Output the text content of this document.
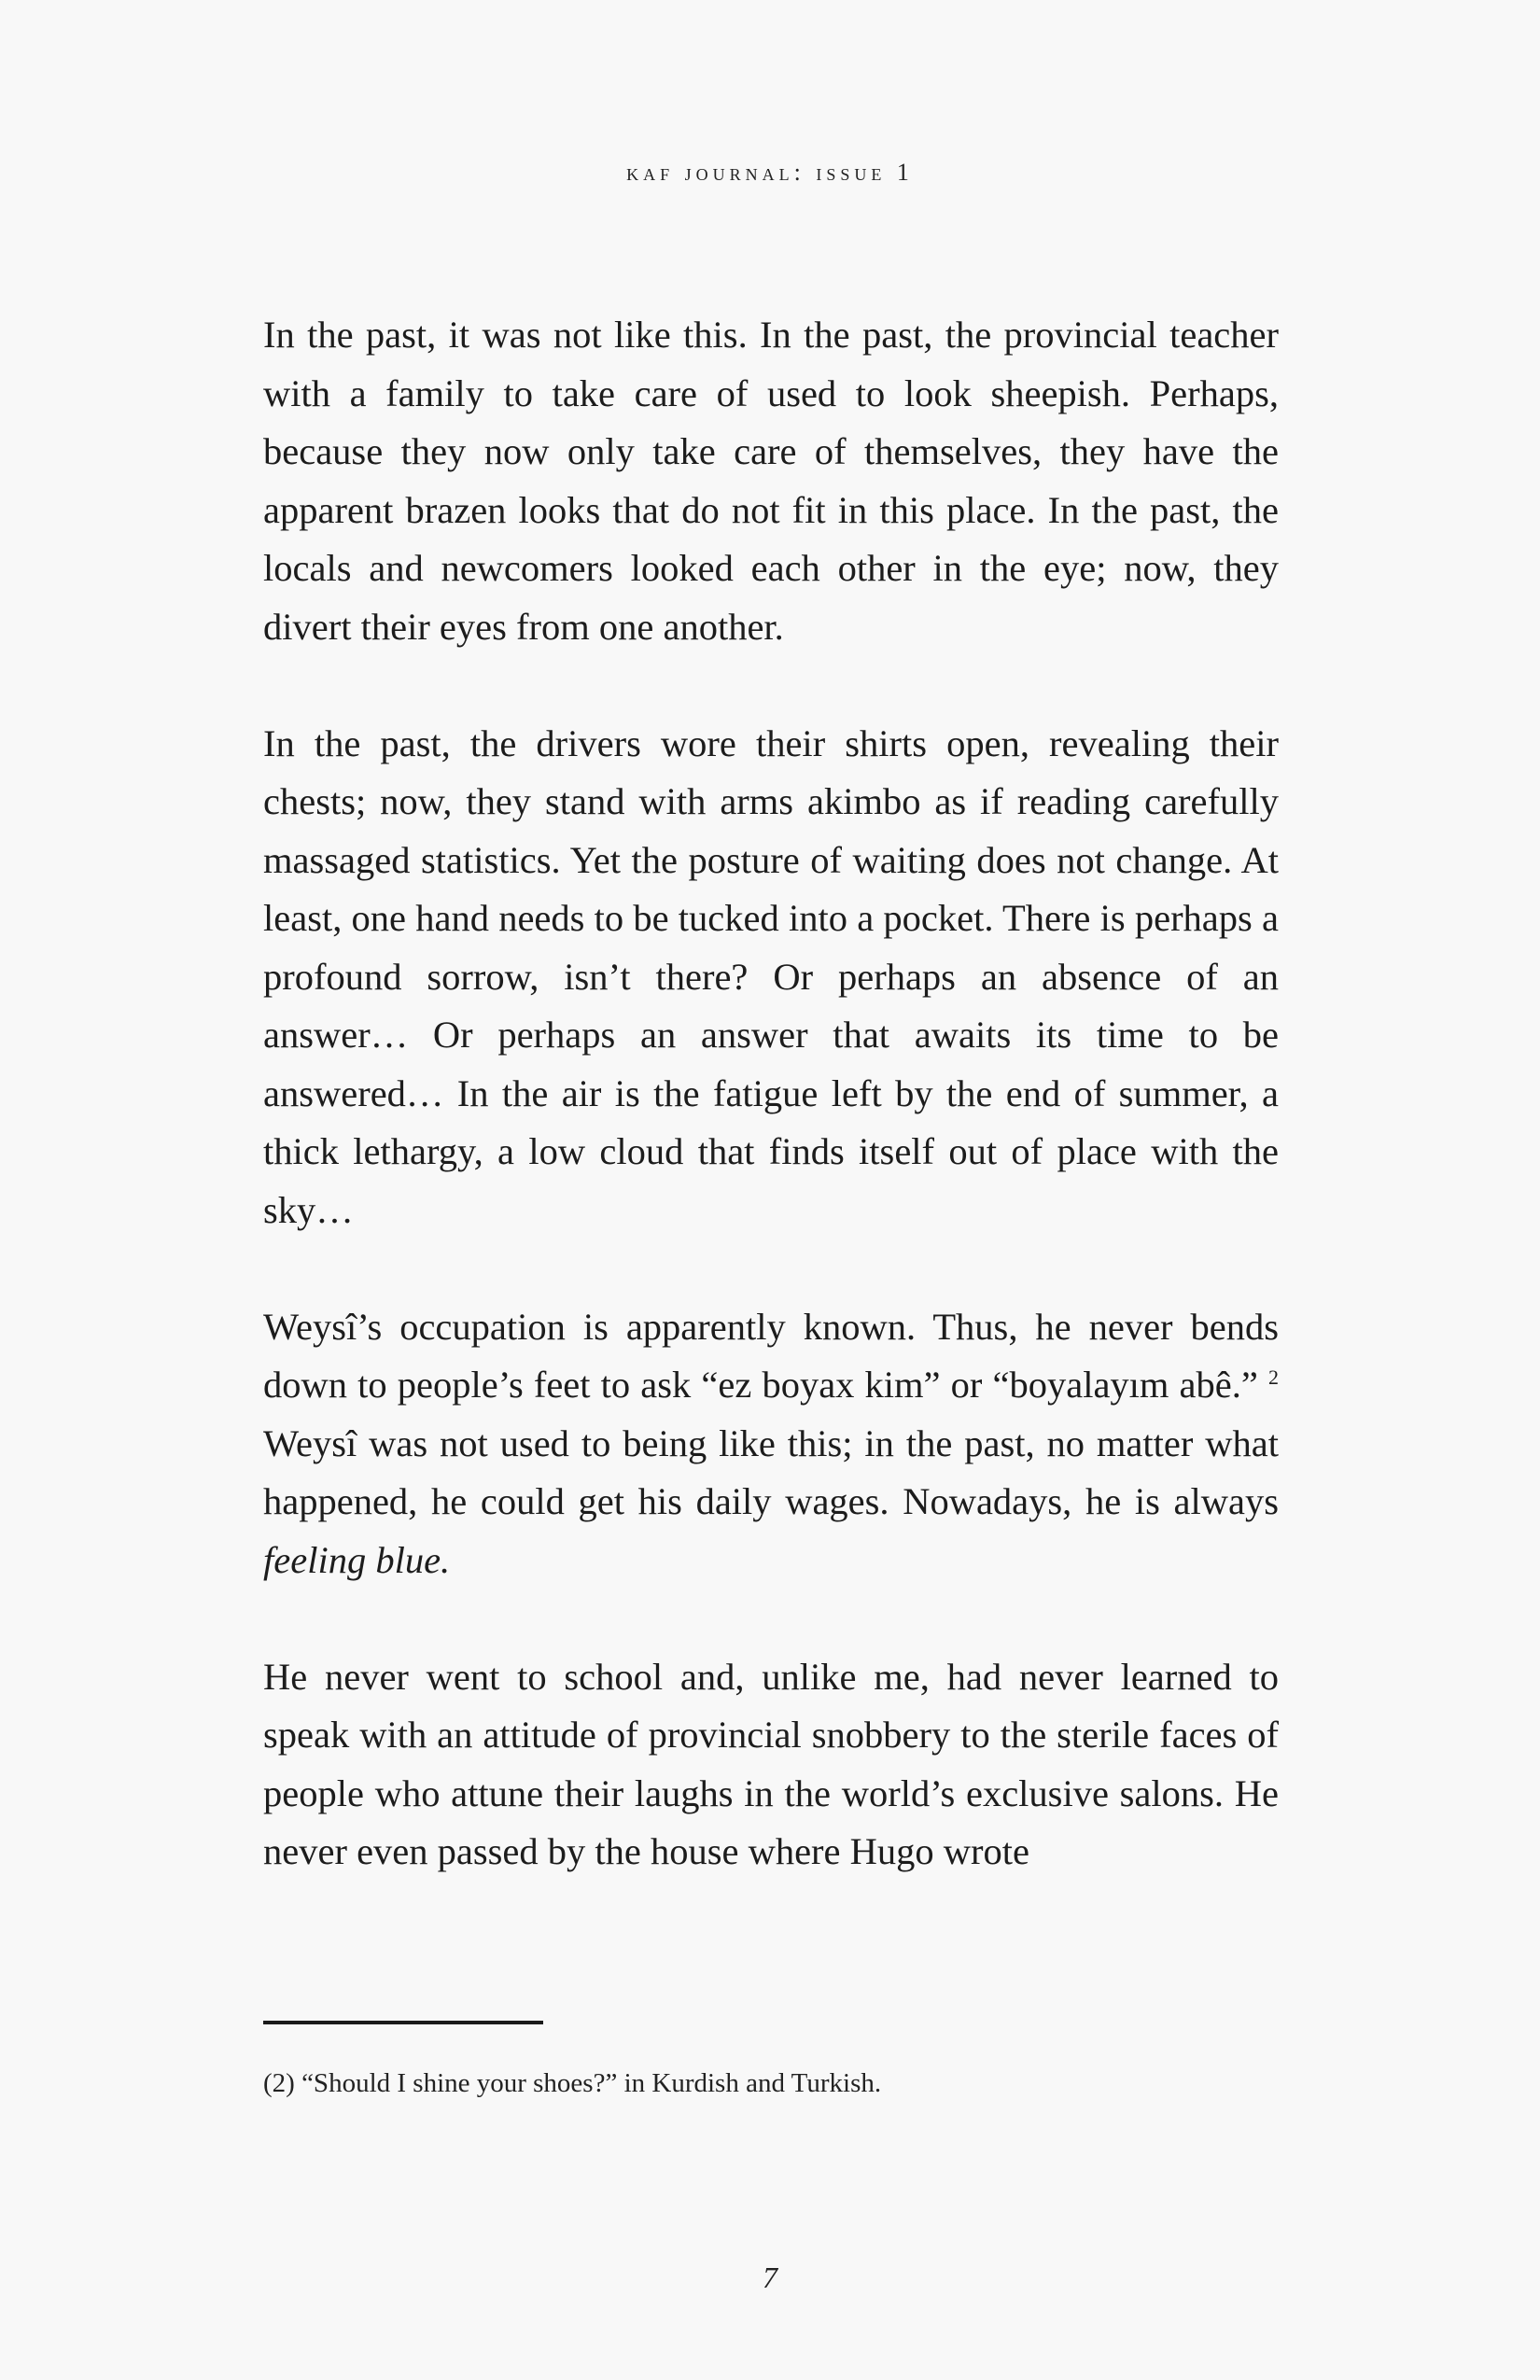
kaf journal: issue 1

In the past, it was not like this. In the past, the provincial teacher with a family to take care of used to look sheepish. Perhaps, because they now only take care of themselves, they have the apparent brazen looks that do not fit in this place. In the past, the locals and newcomers looked each other in the eye; now, they divert their eyes from one another.

In the past, the drivers wore their shirts open, revealing their chests; now, they stand with arms akimbo as if reading carefully massaged statistics. Yet the posture of waiting does not change. At least, one hand needs to be tucked into a pocket. There is perhaps a profound sorrow, isn’t there? Or perhaps an absence of an answer… Or perhaps an answer that awaits its time to be answered… In the air is the fatigue left by the end of summer, a thick lethargy, a low cloud that finds itself out of place with the sky…

Weysî’s occupation is apparently known. Thus, he never bends down to people’s feet to ask “ez boyax kim” or “boyalayım abê.” $^2$ Weysî was not used to being like this; in the past, no matter what happened, he could get his daily wages. Nowadays, he is always feeling blue.

He never went to school and, unlike me, had never learned to speak with an attitude of provincial snobbery to the sterile faces of people who attune their laughs in the world’s exclusive salons. He never even passed by the house where Hugo wrote

(2) “Should I shine your shoes?” in Kurdish and Turkish.
7
